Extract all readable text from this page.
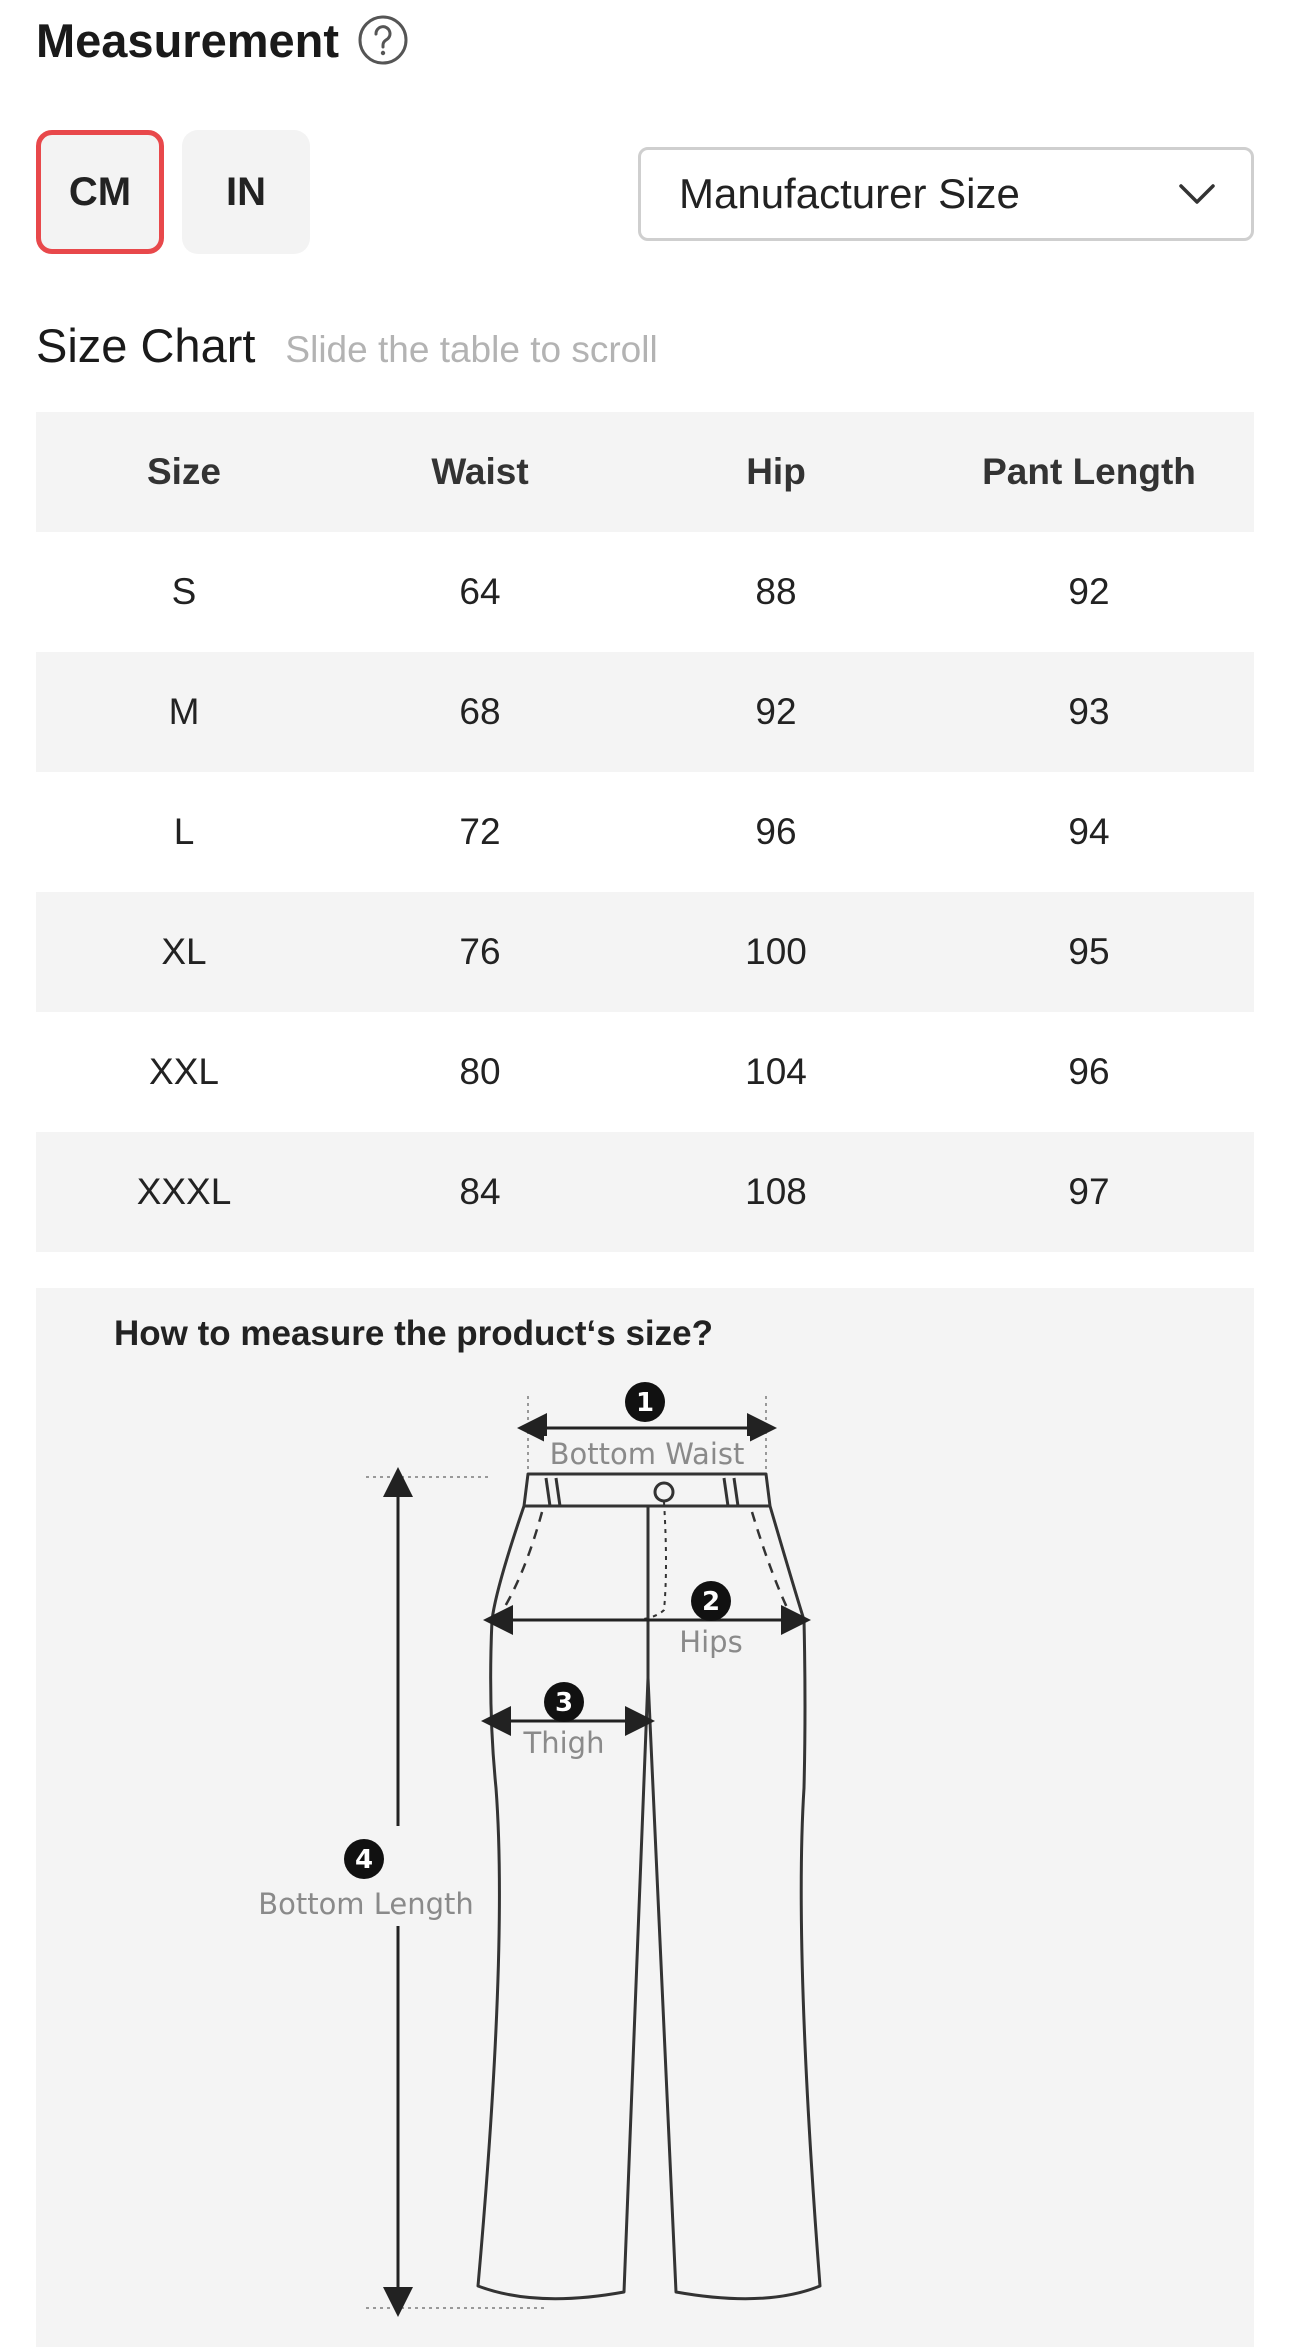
Measurement
CM	IN	Manufacturer Size
Size Chart Slide the table to scroll
Size	Waist	Hip	Pant Length
S	64	88	92
M	68	92	93
L	72	96	94
XL	76	100	95
XXL	80	104	96
XXXL	84	108	97
How to measure the product‘s size?
1
2
3
4
Bottom Waist
Hips
Thigh
Bottom Length
